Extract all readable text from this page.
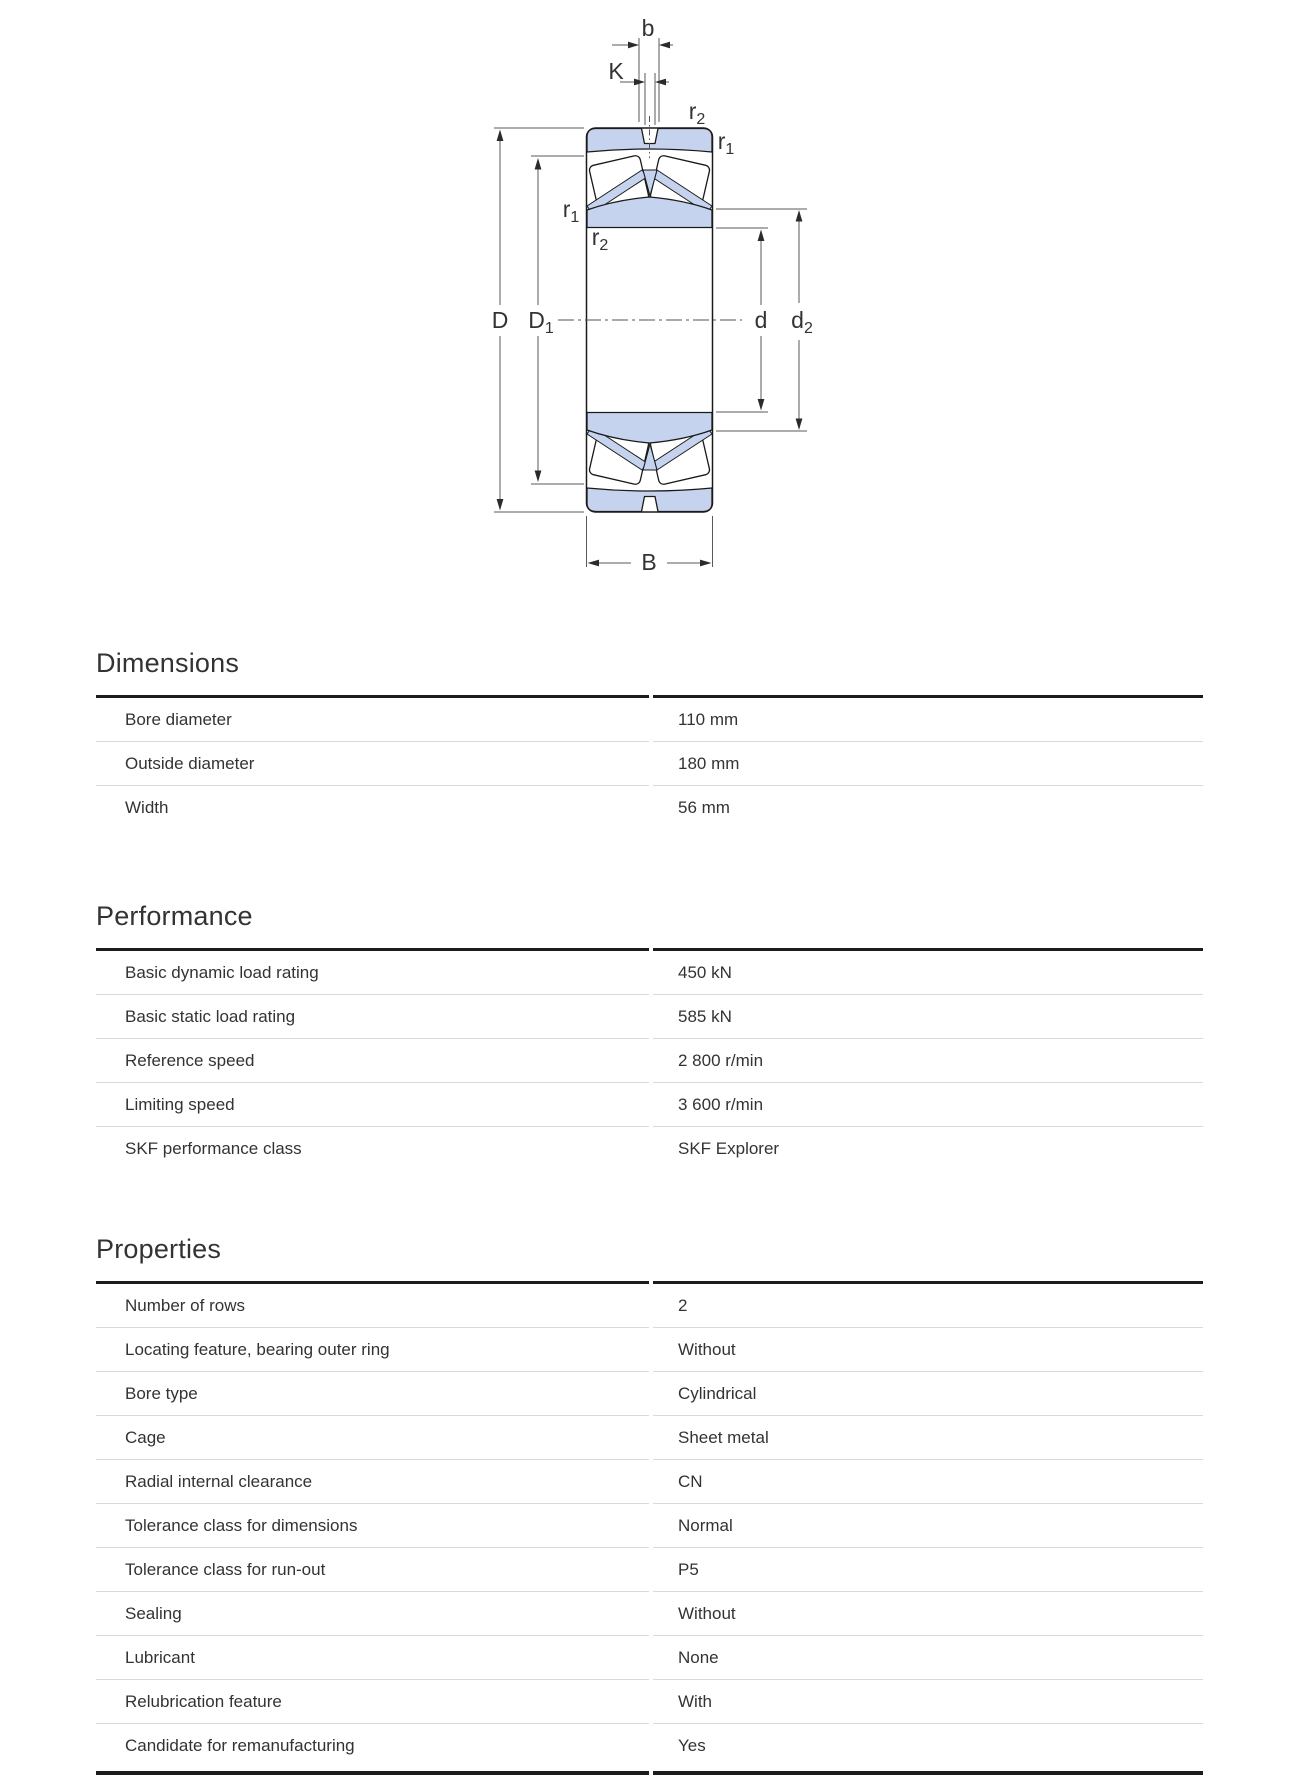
b
K
$r_2$
$r_1$
$r_1$
$r_2$
D $D_1$	d $d_2$
B
Dimensions
Bore diameter	110 mm
Outside diameter	180 mm
Width	56 mm
Performance
Basic dynamic load rating	450 kN
Basic static load rating	585 kN
Reference speed	2 800 r/min
Limiting speed	3 600 r/min
SKF performance class	SKF Explorer
Properties
Number of rows	2
Locating feature, bearing outer ring	Without
Bore type	Cylindrical
Cage	Sheet metal
Radial internal clearance	CN
Tolerance class for dimensions	Normal
Tolerance class for run-out	P5
Sealing	Without
Lubricant	None
Relubrication feature	With
Candidate for remanufacturing	Yes
